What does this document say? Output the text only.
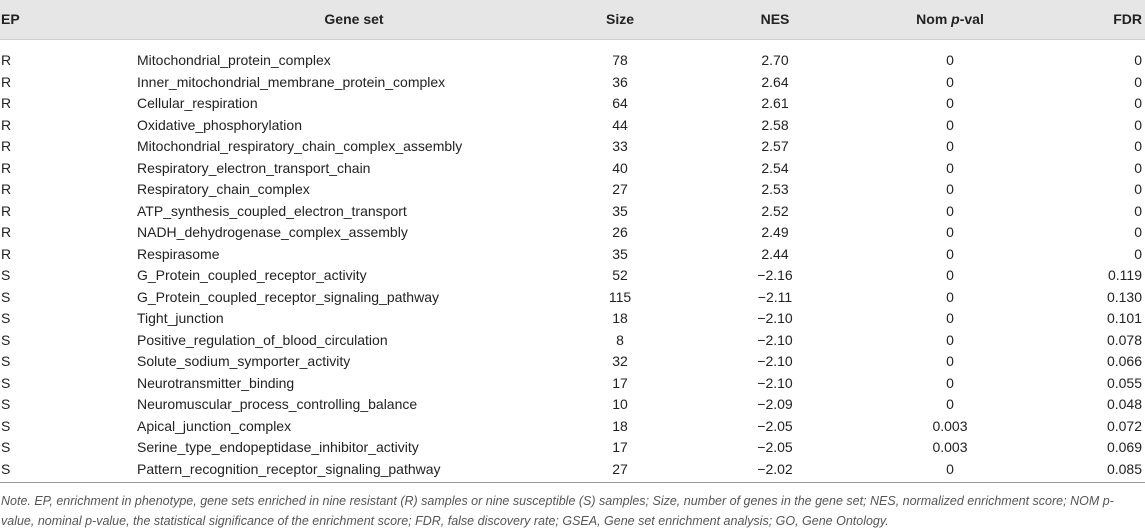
EP	Gene set	Size	NES	Nom p-val	FDR
R	Mitochondrial_protein_complex	78	2.70	0	0
R	Inner_mitochondrial_membrane_protein_complex	36	2.64	0	0
R	Cellular_respiration	64	2.61	0	0
R	Oxidative_phosphorylation	44	2.58	0	0
R	Mitochondrial_respiratory_chain_complex_assembly	33	2.57	0	0
R	Respiratory_electron_transport_chain	40	2.54	0	0
R	Respiratory_chain_complex	27	2.53	0	0
R	ATP_synthesis_coupled_electron_transport	35	2.52	0	0
R	NADH_dehydrogenase_complex_assembly	26	2.49	0	0
R	Respirasome	35	2.44	0	0
S	G_Protein_coupled_receptor_activity	52	−2.16	0	0.119
S	G_Protein_coupled_receptor_signaling_pathway	115	−2.11	0	0.130
S	Tight_junction	18	−2.10	0	0.101
S	Positive_regulation_of_blood_circulation	8	−2.10	0	0.078
S	Solute_sodium_symporter_activity	32	−2.10	0	0.066
S	Neurotransmitter_binding	17	−2.10	0	0.055
S	Neuromuscular_process_controlling_balance	10	−2.09	0	0.048
S	Apical_junction_complex	18	−2.05	0.003	0.072
S	Serine_type_endopeptidase_inhibitor_activity	17	−2.05	0.003	0.069
S	Pattern_recognition_receptor_signaling_pathway	27	−2.02	0	0.085
Note. EP, enrichment in phenotype, gene sets enriched in nine resistant (R) samples or nine susceptible (S) samples; Size, number of genes in the gene set; NES, normalized enrichment score; NOM p-value, nominal p-value, the statistical significance of the enrichment score; FDR, false discovery rate; GSEA, Gene set enrichment analysis; GO, Gene Ontology.
